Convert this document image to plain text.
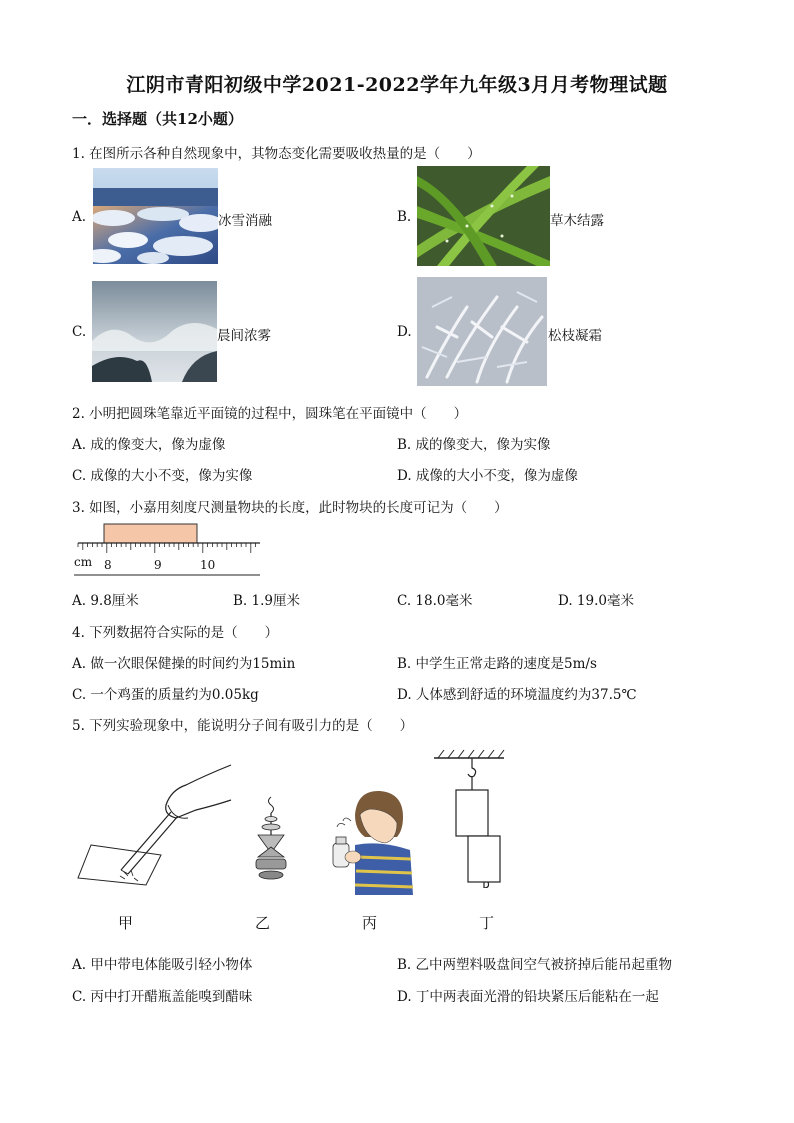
江阴市青阳初级中学2021-2022学年九年级3月月考物理试题
一．选择题（共12小题）
1. 在图所示各种自然现象中，其物态变化需要吸收热量的是（　　）
A.	冰雪消融	B.	草木结露
C.	晨间浓雾	D.	松枝凝霜
2. 小明把圆珠笔靠近平面镜的过程中，圆珠笔在平面镜中（　　）
A. 成的像变大，像为虚像	B. 成的像变大，像为实像
C. 成像的大小不变，像为实像	D. 成像的大小不变，像为虚像
3. 如图，小嘉用刻度尺测量物块的长度，此时物块的长度可记为（　　）
cm 8	9	10
A. 9.8厘米	B. 1.9厘米	C. 18.0毫米	D. 19.0毫米
4. 下列数据符合实际的是（　　）
A. 做一次眼保健操的时间约为15min	B. 中学生正常走路的速度是5m/s
C. 一个鸡蛋的质量约为0.05kg	D. 人体感到舒适的环境温度约为37.5℃
5. 下列实验现象中，能说明分子间有吸引力的是（　　）
甲	乙	丙	丁
A. 甲中带电体能吸引轻小物体	B. 乙中两塑料吸盘间空气被挤掉后能吊起重物
C. 丙中打开醋瓶盖能嗅到醋味	D. 丁中两表面光滑的铅块紧压后能粘在一起
